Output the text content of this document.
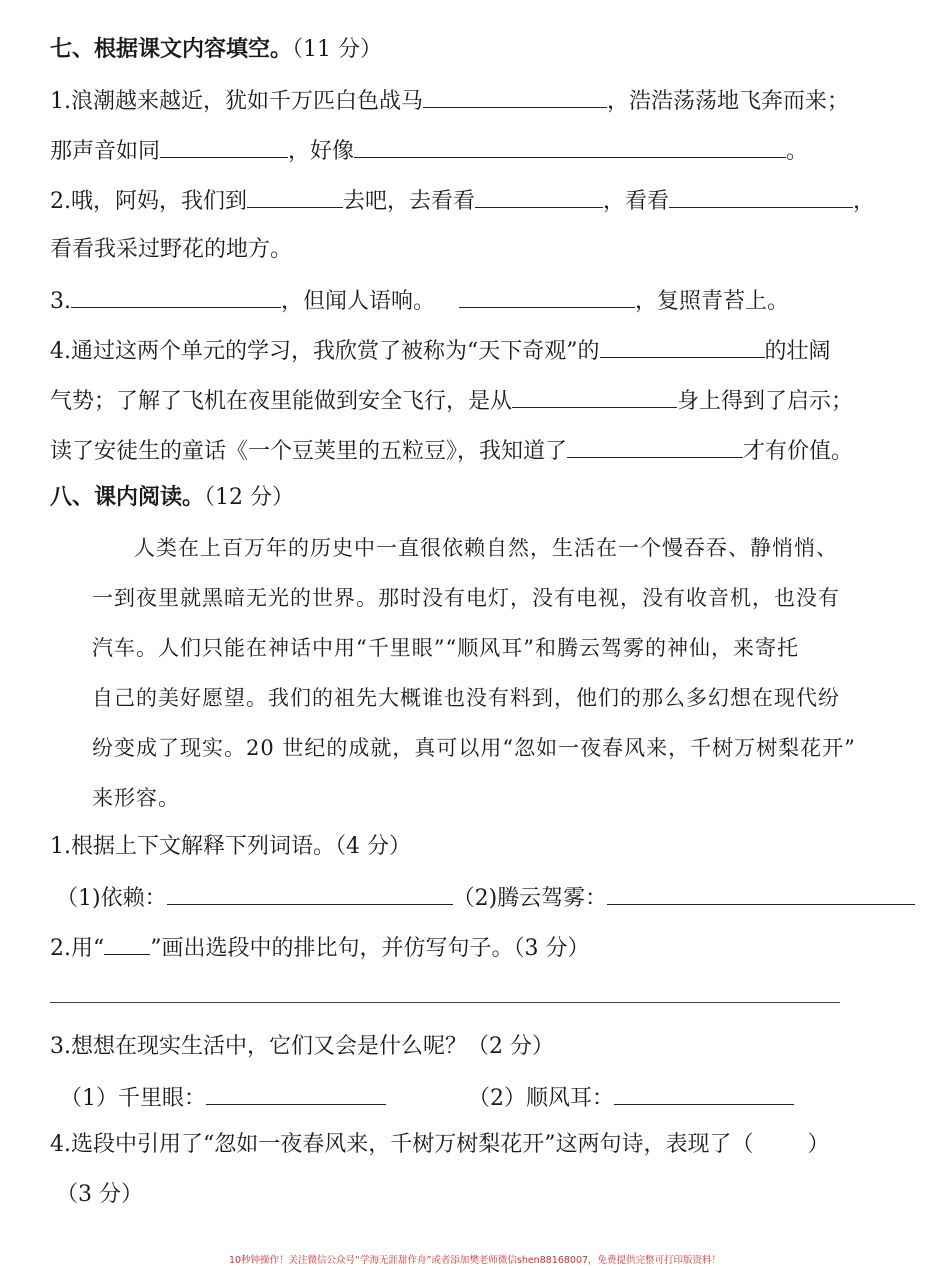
七、根据课文内容填空。（11 分）
1.浪潮越来越近，犹如千万匹白色战马	，浩浩荡荡地飞奔而来；
那声音如同	，好像	。
2.哦，阿妈，我们到	去吧，去看看	，看看	，
看看我采过野花的地方。
3.	，但闻人语响。	，复照青苔上。
4.通过这两个单元的学习，我欣赏了被称为“天下奇观”的	的壮阔
气势；了解了飞机在夜里能做到安全飞行，是从	身上得到了启示；
读了安徒生的童话《一个豆荚里的五粒豆》，我知道了	才有价值。
八、课内阅读。（12 分）
　人类在上百万年的历史中一直很依赖自然，生活在一个慢吞吞、静悄悄、
一到夜里就黑暗无光的世界。那时没有电灯，没有电视，没有收音机，也没有
汽车。人们只能在神话中用“千里眼”“顺风耳”和腾云驾雾的神仙，来寄托
自己的美好愿望。我们的祖先大概谁也没有料到，他们的那么多幻想在现代纷
纷变成了现实。20 世纪的成就，真可以用“忽如一夜春风来，千树万树梨花开”
来形容。
1.根据上下文解释下列词语。（4 分）
（1)依赖：	（2)腾云驾雾：
2.用“ ”画出选段中的排比句，并仿写句子。（3 分）
3.想想在现实生活中，它们又会是什么呢？（2 分）
（1）千里眼：	（2）顺风耳：
4.选段中引用了“忽如一夜春风来，千树万树梨花开”这两句诗，表现了（ ）
（3 分）
10秒钟操作！关注微信公众号“学海无涯甜作舟”或者添加樊老师微信shen88168007，免费提供完整可打印版资料！
